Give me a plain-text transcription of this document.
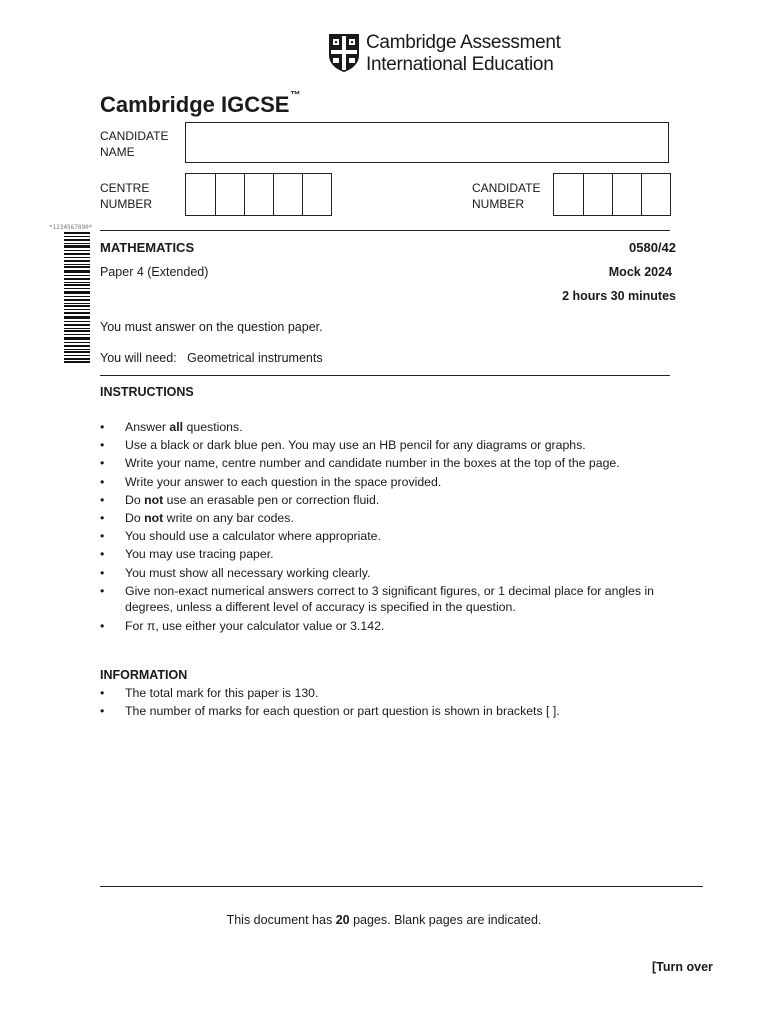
Cambridge Assessment
International Education
Cambridge IGCSE™
CANDIDATE
NAME
CENTRE
NUMBER
CANDIDATE
NUMBER
*1234567890*
MATHEMATICS	0580/42
Paper 4 (Extended)	Mock 2024
2 hours 30 minutes
You must answer on the question paper.
You will need: Geometrical instruments
INSTRUCTIONS
• Answer all questions.
• Use a black or dark blue pen. You may use an HB pencil for any diagrams or graphs.
• Write your name, centre number and candidate number in the boxes at the top of the page.
• Write your answer to each question in the space provided.
• Do not use an erasable pen or correction fluid.
• Do not write on any bar codes.
• You should use a calculator where appropriate.
• You may use tracing paper.
• You must show all necessary working clearly.
• Give non-exact numerical answers correct to 3 significant figures, or 1 decimal place for angles in
degrees, unless a different level of accuracy is specified in the question.
• For π, use either your calculator value or 3.142.
INFORMATION
• The total mark for this paper is 130.
• The number of marks for each question or part question is shown in brackets [ ].
This document has 20 pages. Blank pages are indicated.
[Turn over
